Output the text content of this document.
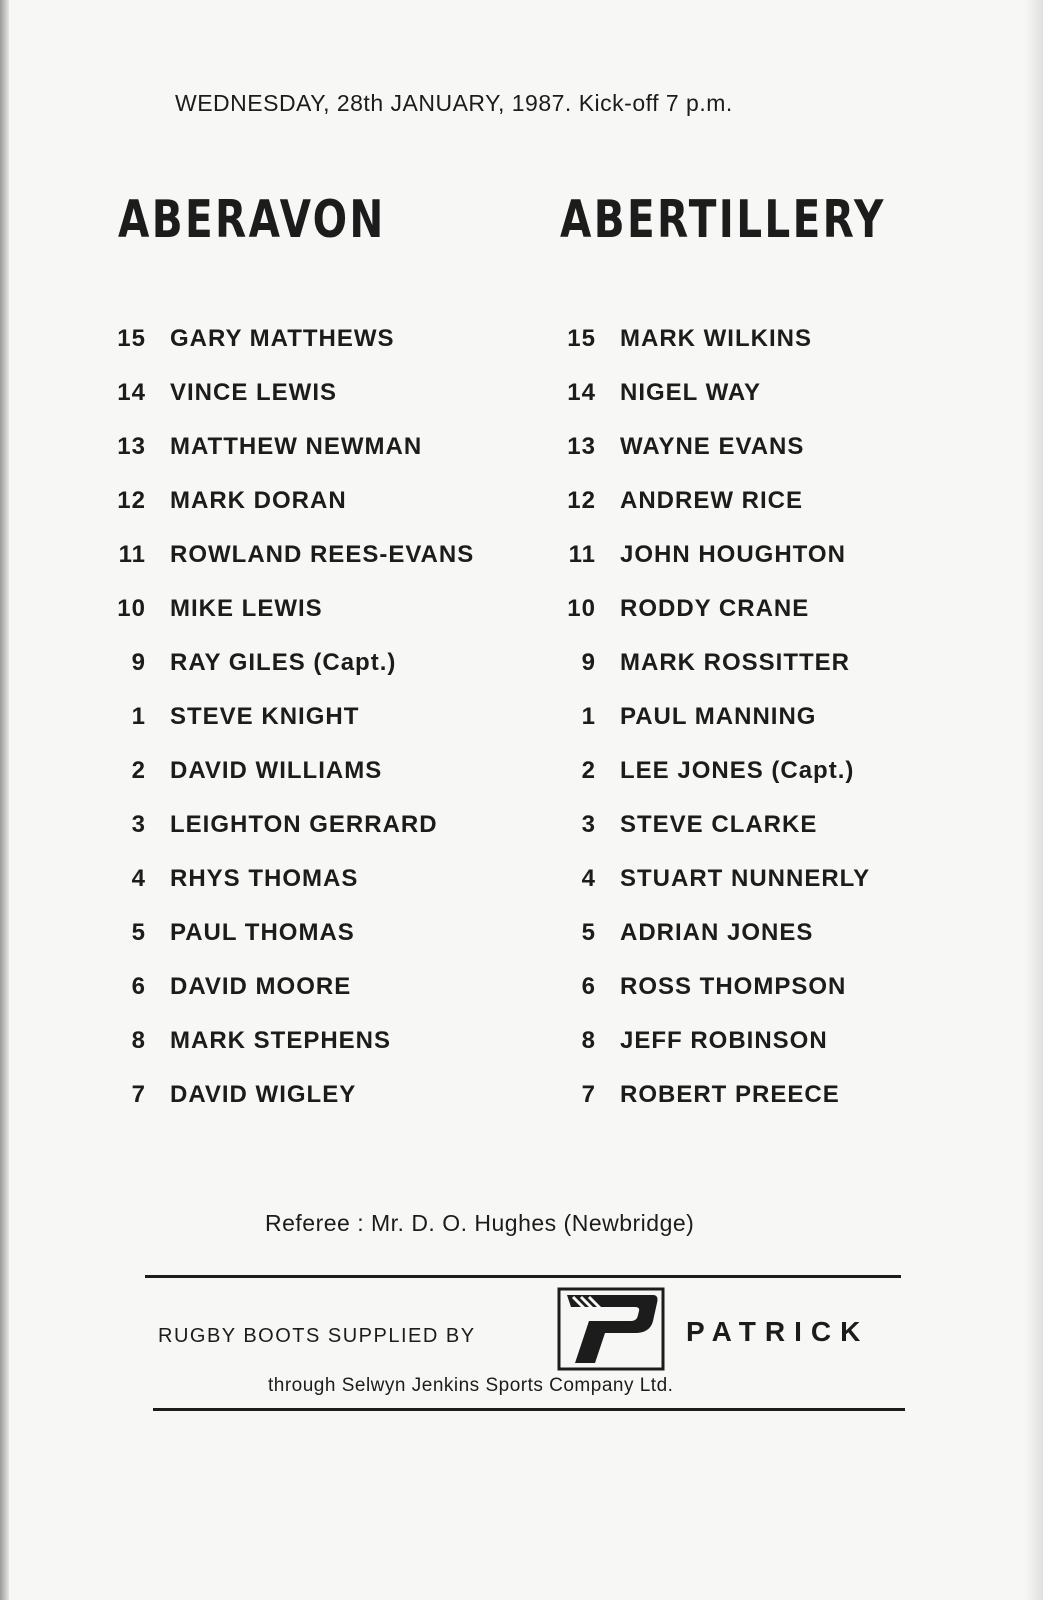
WEDNESDAY, 28th JANUARY, 1987. Kick-off 7 p.m.
ABERAVON	ABERTILLERY
15 GARY MATTHEWS
14 VINCE LEWIS
13 MATTHEW NEWMAN
12 MARK DORAN
11 ROWLAND REES-EVANS
10 MIKE LEWIS
9 RAY GILES (Capt.)
1 STEVE KNIGHT
2 DAVID WILLIAMS
3 LEIGHTON GERRARD
4 RHYS THOMAS
5 PAUL THOMAS
6 DAVID MOORE
8 MARK STEPHENS
7 DAVID WIGLEY
15 MARK WILKINS
14 NIGEL WAY
13 WAYNE EVANS
12 ANDREW RICE
11 JOHN HOUGHTON
10 RODDY CRANE
9 MARK ROSSITTER
1 PAUL MANNING
2 LEE JONES (Capt.)
3 STEVE CLARKE
4 STUART NUNNERLY
5 ADRIAN JONES
6 ROSS THOMPSON
8 JEFF ROBINSON
7 ROBERT PREECE
Referee : Mr. D. O. Hughes (Newbridge)
RUGBY BOOTS SUPPLIED BY	PATRICK
through Selwyn Jenkins Sports Company Ltd.
